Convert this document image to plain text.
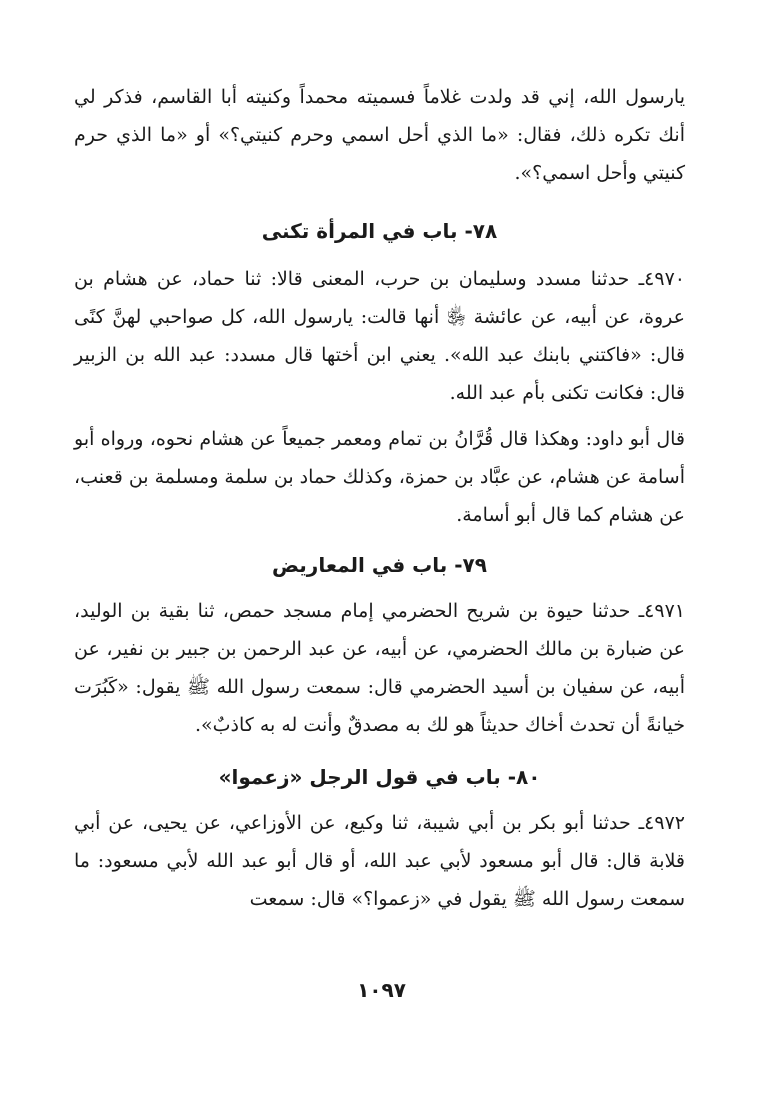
يارسول الله، إني قد ولدت غلاماً فسميته محمداً وكنيته أبا القاسم، فذكر لي أنك تكره ذلك، فقال: «ما الذي أحل اسمي وحرم كنيتي؟» أو «ما الذي حرم كنيتي وأحل اسمي؟».

٧٨- باب في المرأة تكنى

٤٩٧٠ـ حدثنا مسدد وسليمان بن حرب، المعنى قالا: ثنا حماد، عن هشام بن عروة، عن أبيه، عن عائشة ﵂ أنها قالت: يارسول الله، كل صواحبي لهنَّ كنًى قال: «فاكتني بابنك عبد الله». يعني ابن أختها قال مسدد: عبد الله بن الزبير قال: فكانت تكنى بأم عبد الله.

قال أبو داود: وهكذا قال قُرَّانُ بن تمام ومعمر جميعاً عن هشام نحوه، ورواه أبو أسامة عن هشام، عن عبَّاد بن حمزة، وكذلك حماد بن سلمة ومسلمة بن قعنب، عن هشام كما قال أبو أسامة.

٧٩- باب في المعاريض

٤٩٧١ـ حدثنا حيوة بن شريح الحضرمي إمام مسجد حمص، ثنا بقية بن الوليد، عن ضبارة بن مالك الحضرمي، عن أبيه، عن عبد الرحمن بن جبير بن نفير، عن أبيه، عن سفيان بن أسيد الحضرمي قال: سمعت رسول الله ﷺ يقول: «كَبُرَت خيانةً أن تحدث أخاك حديثاً هو لك به مصدقٌ وأنت له به كاذبٌ».

٨٠- باب في قول الرجل «زعموا»

٤٩٧٢ـ حدثنا أبو بكر بن أبي شيبة، ثنا وكيع، عن الأوزاعي، عن يحيى، عن أبي قلابة قال: قال أبو مسعود لأبي عبد الله، أو قال أبو عبد الله لأبي مسعود: ما سمعت رسول الله ﷺ يقول في «زعموا؟» قال: سمعت

١٠٩٧
